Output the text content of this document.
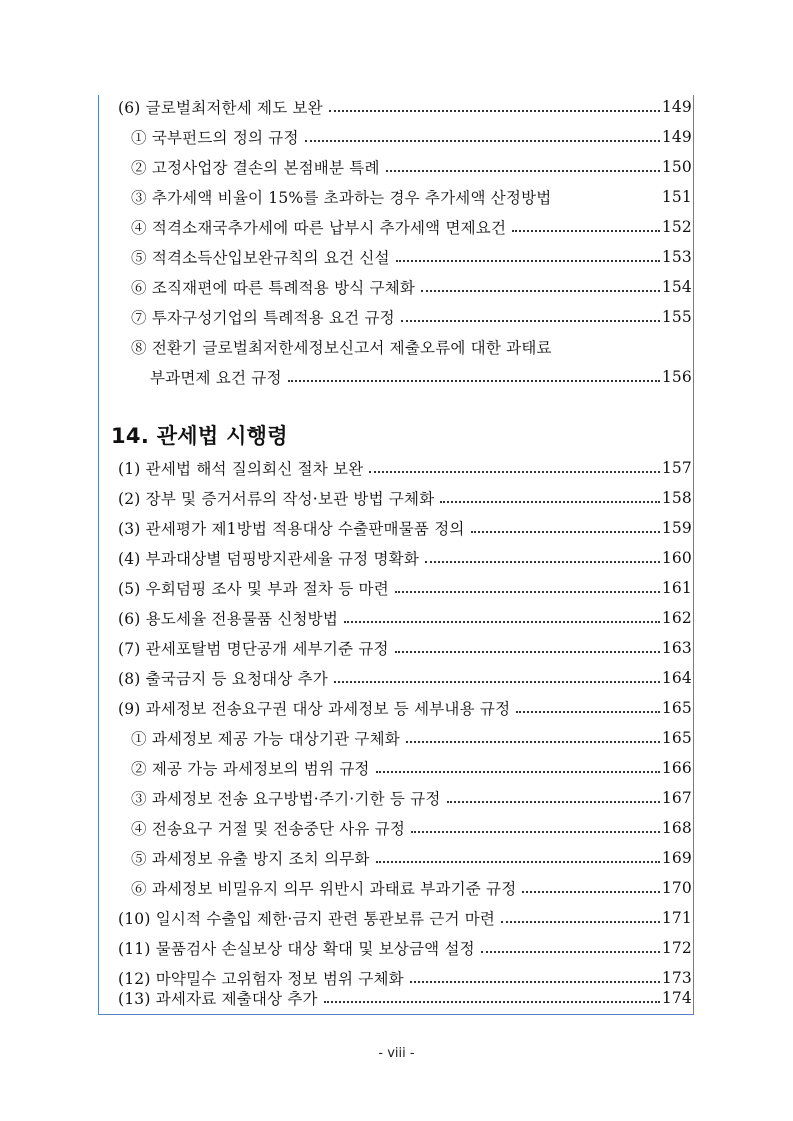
(6) 글로벌최저한세 제도 보완	149
① 국부펀드의 정의 규정	149
② 고정사업장 결손의 본점배분 특례	150
③ 추가세액 비율이 15%를 초과하는 경우 추가세액 산정방법	151
④ 적격소재국추가세에 따른 납부시 추가세액 면제요건	152
⑤ 적격소득산입보완규칙의 요건 신설	153
⑥ 조직재편에 따른 특례적용 방식 구체화	154
⑦ 투자구성기업의 특례적용 요건 규정	155
⑧ 전환기 글로벌최저한세정보신고서 제출오류에 대한 과태료
부과면제 요건 규정	156
14. 관세법 시행령
(1) 관세법 해석 질의회신 절차 보완	157
(2) 장부 및 증거서류의 작성·보관 방법 구체화	158
(3) 관세평가 제1방법 적용대상 수출판매물품 정의	159
(4) 부과대상별 덤핑방지관세율 규정 명확화	160
(5) 우회덤핑 조사 및 부과 절차 등 마련	161
(6) 용도세율 전용물품 신청방법	162
(7) 관세포탈범 명단공개 세부기준 규정	163
(8) 출국금지 등 요청대상 추가	164
(9) 과세정보 전송요구권 대상 과세정보 등 세부내용 규정	165
① 과세정보 제공 가능 대상기관 구체화	165
② 제공 가능 과세정보의 범위 규정	166
③ 과세정보 전송 요구방법·주기·기한 등 규정	167
④ 전송요구 거절 및 전송중단 사유 규정	168
⑤ 과세정보 유출 방지 조치 의무화	169
⑥ 과세정보 비밀유지 의무 위반시 과태료 부과기준 규정	170
(10) 일시적 수출입 제한·금지 관련 통관보류 근거 마련	171
(11) 물품검사 손실보상 대상 확대 및 보상금액 설정	172
(12) 마약밀수 고위험자 정보 범위 구체화	173
(13) 과세자료 제출대상 추가	174
- viii -
